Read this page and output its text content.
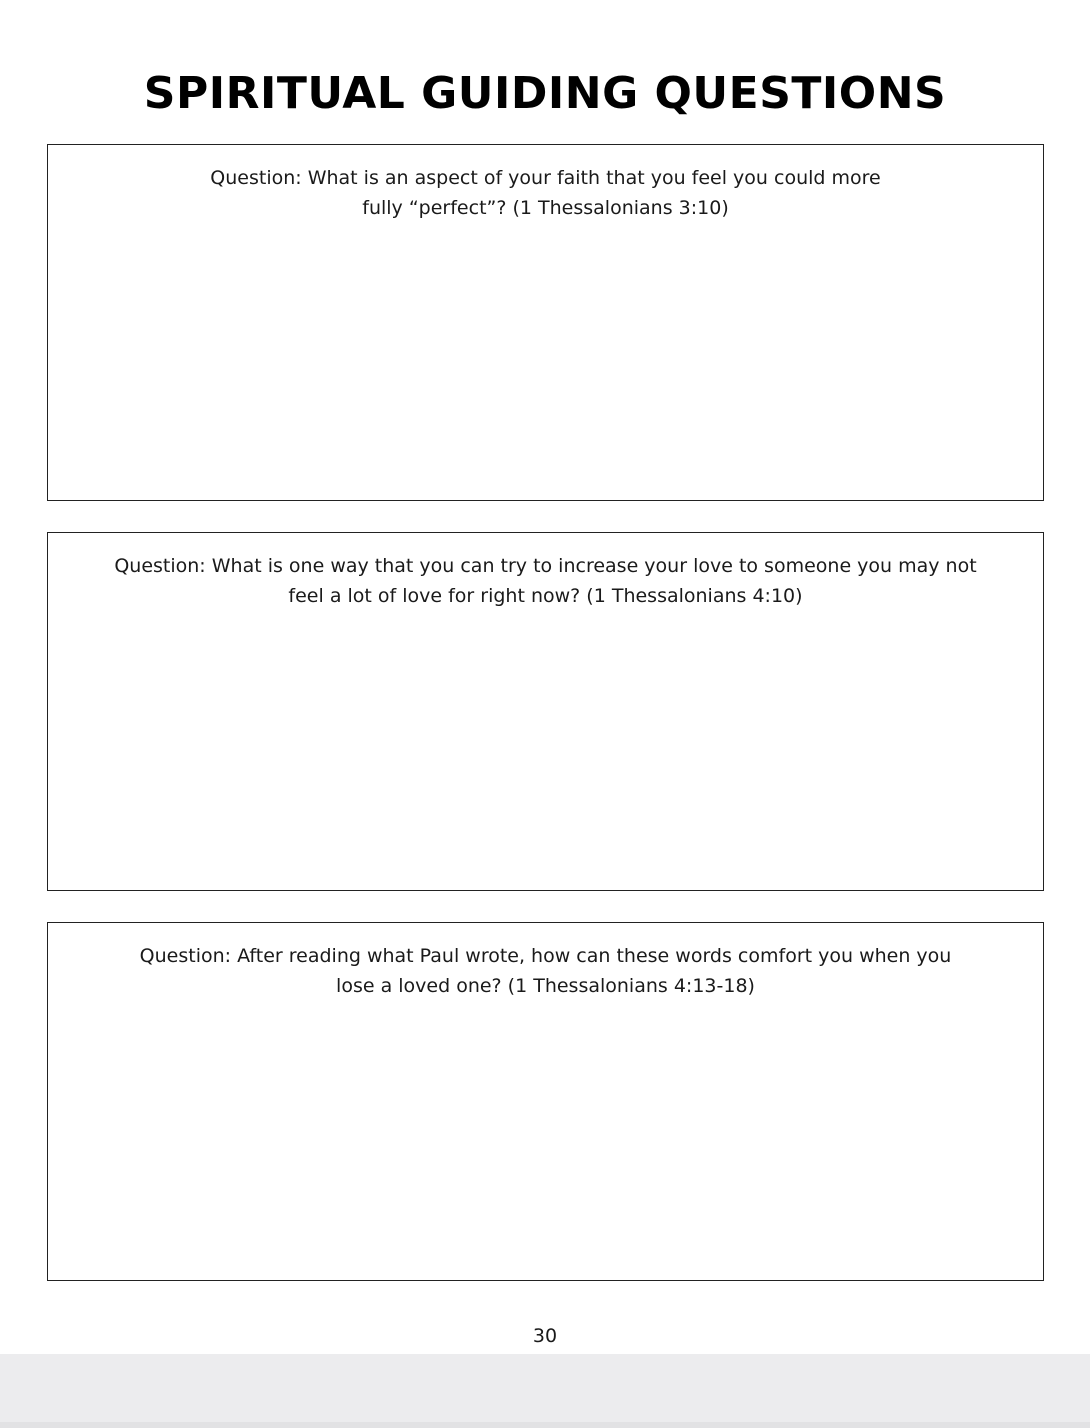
SPIRITUAL GUIDING QUESTIONS
Question: What is an aspect of your faith that you feel you could more
fully “perfect”? (1 Thessalonians 3:10)
Question: What is one way that you can try to increase your love to someone you may not
feel a lot of love for right now? (1 Thessalonians 4:10)
Question: After reading what Paul wrote, how can these words comfort you when you
lose a loved one? (1 Thessalonians 4:13-18)
30
